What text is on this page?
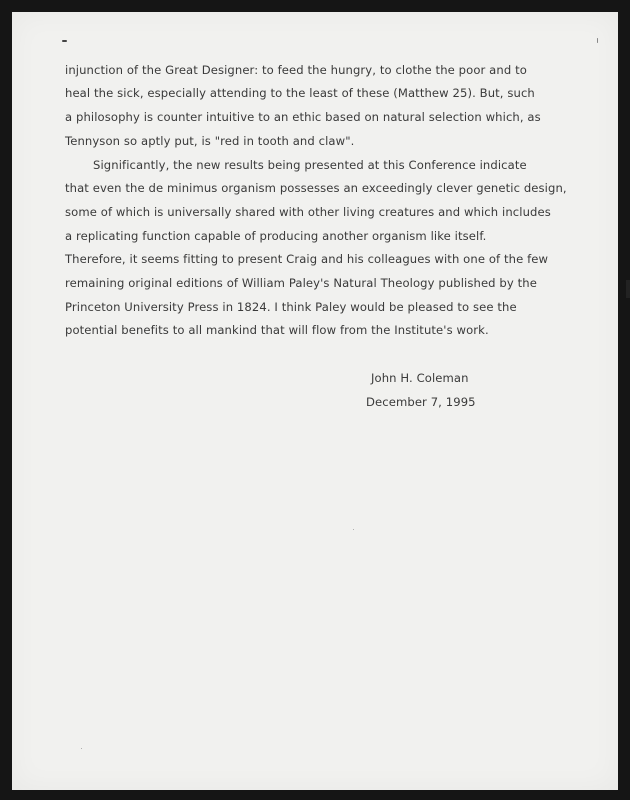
injunction of the Great Designer: to feed the hungry, to clothe the poor and to
heal the sick, especially attending to the least of these (Matthew 25). But, such
a philosophy is counter intuitive to an ethic based on natural selection which, as
Tennyson so aptly put, is "red in tooth and claw".
Significantly, the new results being presented at this Conference indicate
that even the de minimus organism possesses an exceedingly clever genetic design,
some of which is universally shared with other living creatures and which includes
a replicating function capable of producing another organism like itself.
Therefore, it seems fitting to present Craig and his colleagues with one of the few
remaining original editions of William Paley's Natural Theology published by the
Princeton University Press in 1824. I think Paley would be pleased to see the
potential benefits to all mankind that will flow from the Institute's work.
John H. Coleman
December 7, 1995
